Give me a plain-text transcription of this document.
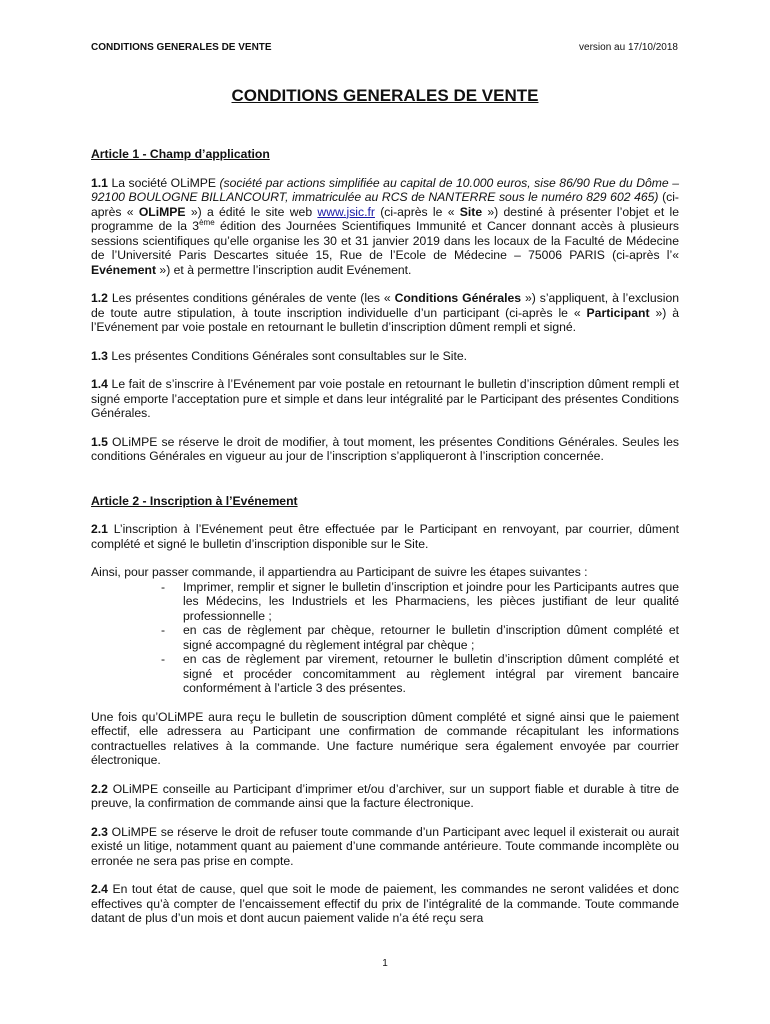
CONDITIONS GENERALES DE VENTE	version au 17/10/2018
CONDITIONS GENERALES DE VENTE
Article 1 - Champ d’application

1.1 La société OLiMPE (société par actions simplifiée au capital de 10.000 euros, sise 86/90 Rue du Dôme – 92100 BOULOGNE BILLANCOURT, immatriculée au RCS de NANTERRE sous le numéro 829 602 465) (ci-après « OLiMPE ») a édité le site web www.jsic.fr (ci-après le « Site ») destiné à présenter l’objet et le programme de la 3ème édition des Journées Scientifiques Immunité et Cancer donnant accès à plusieurs sessions scientifiques qu’elle organise les 30 et 31 janvier 2019 dans les locaux de la Faculté de Médecine de l’Université Paris Descartes située 15, Rue de l’Ecole de Médecine – 75006 PARIS (ci-après l’« Evénement ») et à permettre l’inscription audit Evénement.

1.2 Les présentes conditions générales de vente (les « Conditions Générales ») s’appliquent, à l’exclusion de toute autre stipulation, à toute inscription individuelle d’un participant (ci-après le « Participant ») à l’Evénement par voie postale en retournant le bulletin d’inscription dûment rempli et signé.

1.3 Les présentes Conditions Générales sont consultables sur le Site.

1.4 Le fait de s’inscrire à l’Evénement par voie postale en retournant le bulletin d’inscription dûment rempli et signé emporte l’acceptation pure et simple et dans leur intégralité par le Participant des présentes Conditions Générales.

1.5 OLiMPE se réserve le droit de modifier, à tout moment, les présentes Conditions Générales. Seules les conditions Générales en vigueur au jour de l’inscription s’appliqueront à l’inscription concernée.

Article 2 - Inscription à l’Evénement

2.1 L’inscription à l’Evénement peut être effectuée par le Participant en renvoyant, par courrier, dûment complété et signé le bulletin d’inscription disponible sur le Site.

Ainsi, pour passer commande, il appartiendra au Participant de suivre les étapes suivantes :

- Imprimer, remplir et signer le bulletin d’inscription et joindre pour les Participants autres que les Médecins, les Industriels et les Pharmaciens, les pièces justifiant de leur qualité professionnelle ;
- en cas de règlement par chèque, retourner le bulletin d’inscription dûment complété et signé accompagné du règlement intégral par chèque ;
- en cas de règlement par virement, retourner le bulletin d’inscription dûment complété et signé et procéder concomitamment au règlement intégral par virement bancaire conformément à l’article 3 des présentes.

Une fois qu’OLiMPE aura reçu le bulletin de souscription dûment complété et signé ainsi que le paiement effectif, elle adressera au Participant une confirmation de commande récapitulant les informations contractuelles relatives à la commande. Une facture numérique sera également envoyée par courrier électronique.

2.2 OLiMPE conseille au Participant d’imprimer et/ou d’archiver, sur un support fiable et durable à titre de preuve, la confirmation de commande ainsi que la facture électronique.

2.3 OLiMPE se réserve le droit de refuser toute commande d’un Participant avec lequel il existerait ou aurait existé un litige, notamment quant au paiement d’une commande antérieure. Toute commande incomplète ou erronée ne sera pas prise en compte.

2.4 En tout état de cause, quel que soit le mode de paiement, les commandes ne seront validées et donc effectives qu’à compter de l’encaissement effectif du prix de l’intégralité de la commande. Toute commande datant de plus d’un mois et dont aucun paiement valide n’a été reçu sera

1
